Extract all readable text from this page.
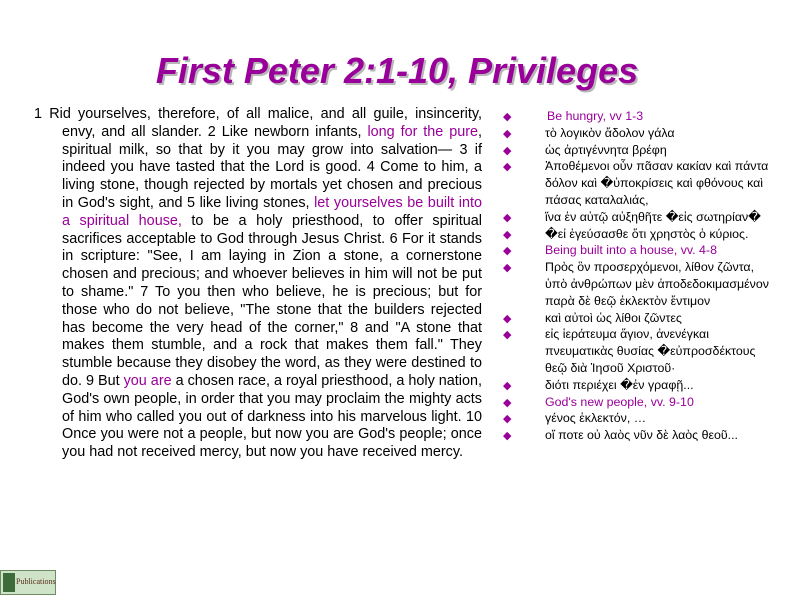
First Peter 2:1-10, Privileges

1 Rid yourselves, therefore, of all malice, and all guile, insincerity, envy, and all slander. 2 Like newborn infants, long for the pure, spiritual milk, so that by it you may grow into salvation— 3 if indeed you have tasted that the Lord is good. 4 Come to him, a living stone, though rejected by mortals yet chosen and precious in God's sight, and 5 like living stones, let yourselves be built into a spiritual house, to be a holy priesthood, to offer spiritual sacrifices acceptable to God through Jesus Christ. 6 For it stands in scripture: "See, I am laying in Zion a stone, a cornerstone chosen and precious; and whoever believes in him will not be put to shame." 7 To you then who believe, he is precious; but for those who do not believe, "The stone that the builders rejected has become the very head of the corner," 8 and "A stone that makes them stumble, and a rock that makes them fall." They stumble because they disobey the word, as they were destined to do. 9 But you are a chosen race, a royal priesthood, a holy nation, God's own people, in order that you may proclaim the mighty acts of him who called you out of darkness into his marvelous light. 10 Once you were not a people, but now you are God's people; once you had not received mercy, but now you have received mercy.

◆	Be hungry, vv 1-3
◆	τὸ λογικὸν ἄδολον γάλα
◆	ὡς ἀρτιγέννητα βρέφη
◆	Ἀποθέμενοι οὖν πᾶσαν κακίαν καὶ πάντα δόλον καὶ �ὑποκρίσεις καὶ φθόνους καὶ πάσας καταλαλιάς,
◆	ἵνα ἐν αὐτῷ αὐξηθῆτε �εἰς σωτηρίαν�
◆	�εἰ ἐγεύσασθε ὅτι χρηστὸς ὁ κύριος.
◆	Being built into a house, vv. 4-8
◆	Πρὸς ὃν προσερχόμενοι, λίθον ζῶντα, ὑπὸ ἀνθρώπων μὲν ἀποδεδοκιμασμένον παρὰ δὲ θεῷ ἐκλεκτὸν ἔντιμον
◆	καὶ αὐτοὶ ὡς λίθοι ζῶντες
◆	εἰς ἱεράτευμα ἅγιον, ἀνενέγκαι πνευματικὰς θυσίας �εὐπροσδέκτους θεῷ διὰ Ἰησοῦ Χριστοῦ·
◆	διότι περιέχει �ἐν γραφῇ...
◆	God's new people, vv. 9-10
◆	γένος ἐκλεκτόν, …
◆	οἵ ποτε οὐ λαὸς νῦν δὲ λαὸς θεοῦ...
Publications
